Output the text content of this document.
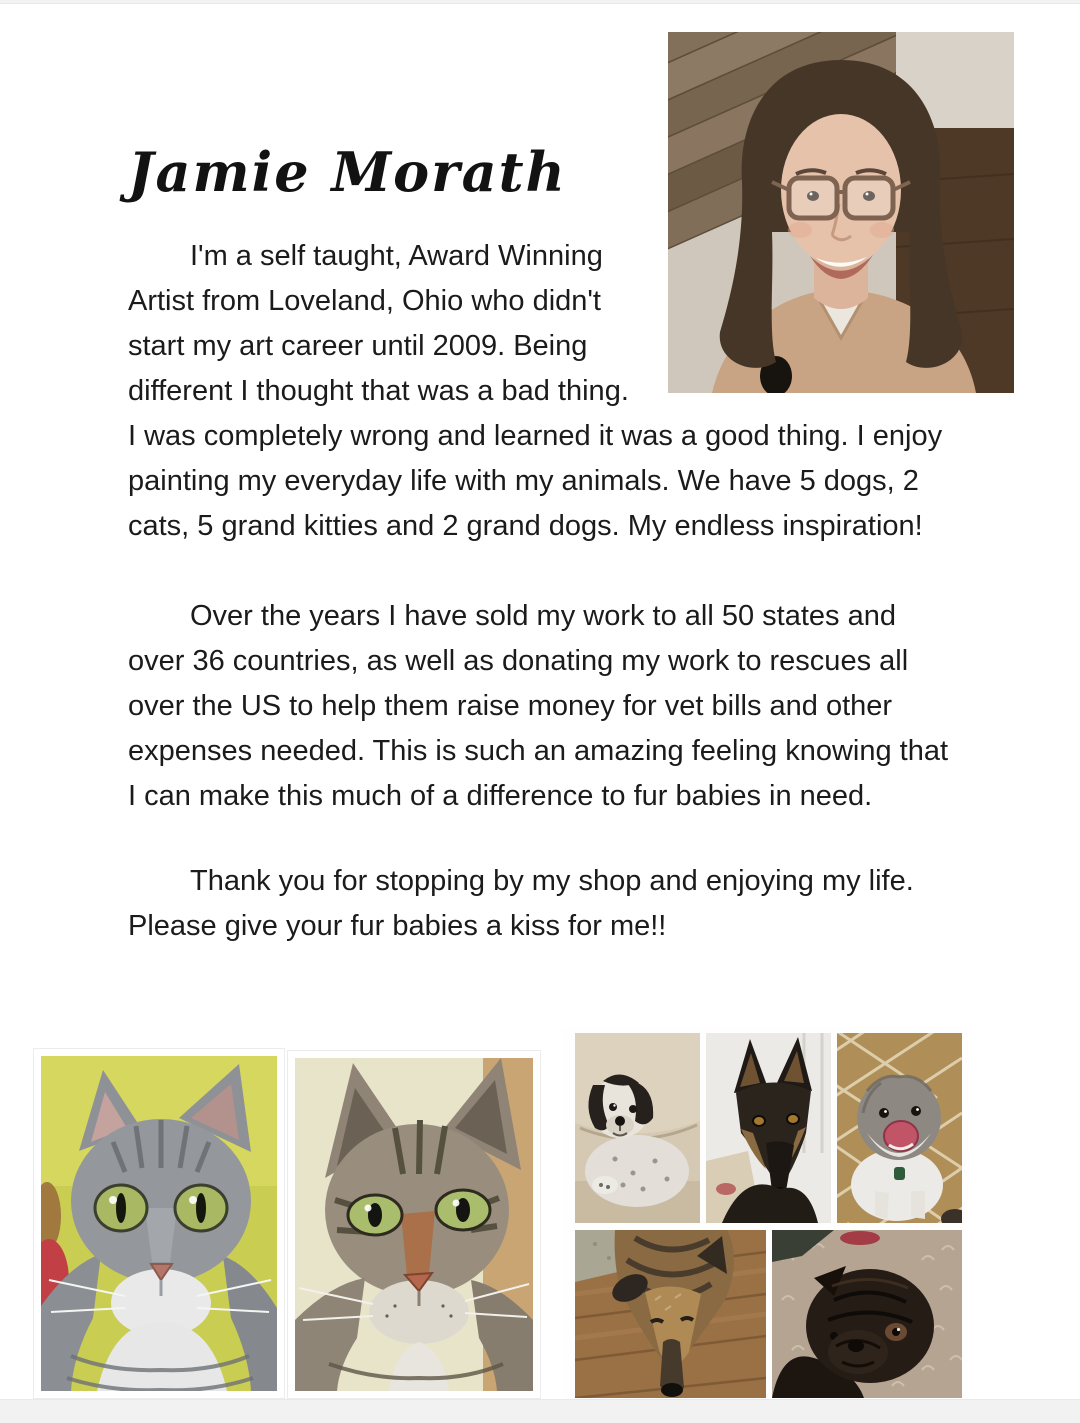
Jamie Morath

I'm a self taught, Award Winning Artist from Loveland, Ohio who didn't start my art career until 2009. Being different I thought that was a bad thing. I was completely wrong and learned it was a good thing. I enjoy painting my everyday life with my animals. We have 5 dogs, 2 cats, 5 grand kitties and 2 grand dogs. My endless inspiration!

Over the years I have sold my work to all 50 states and over 36 countries, as well as donating my work to rescues all over the US to help them raise money for vet bills and other expenses needed. This is such an amazing feeling knowing that I can make this much of a difference to fur babies in need.

Thank you for stopping by my shop and enjoying my life. Please give your fur babies a kiss for me!!
